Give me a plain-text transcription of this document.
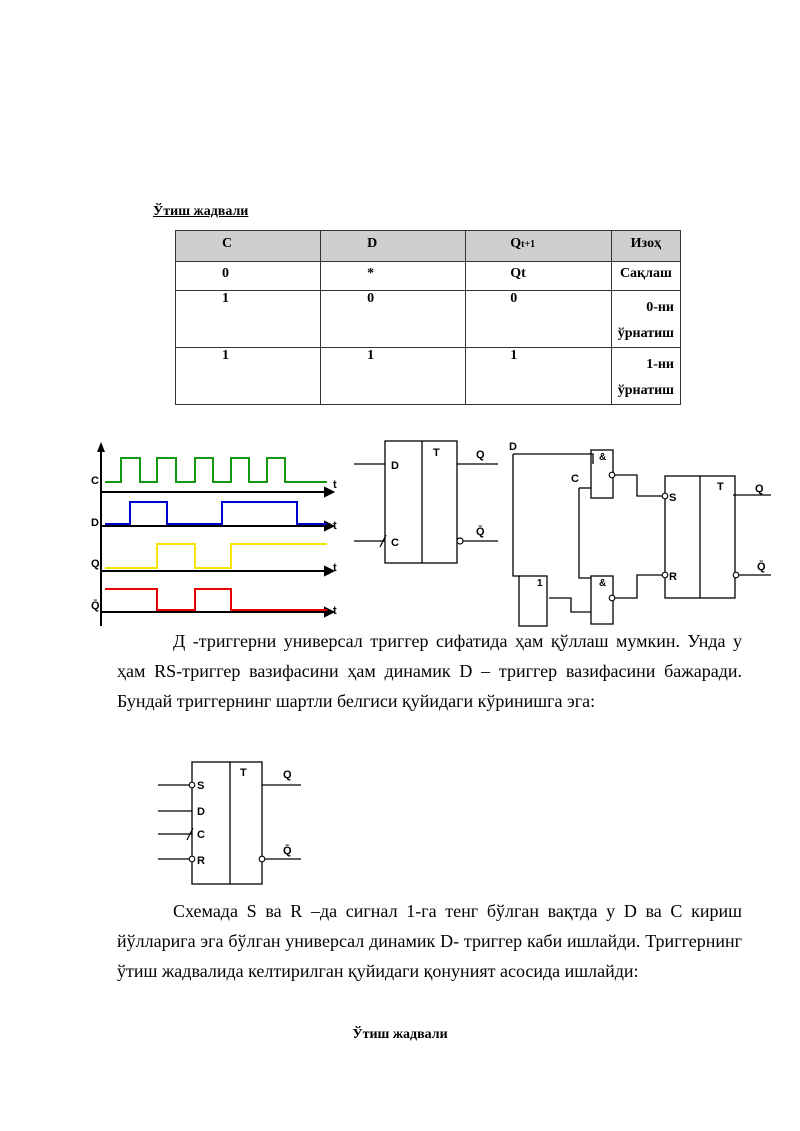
Ўтиш жадвали
C	D	Qt+1	Изоҳ
0	*	Qt	Сақлаш
1	0	0	0-ни
ўрнатиш

1	1	1	1-ни
ўрнатиш
C
D
Q
Q̄
t
t
t
t
D
C
T	Q
Q̄
D
C
&
&
1
S
R
T	Q
Q̄

Д -триггерни универсал триггер сифатида ҳам қўллаш мумкин. Унда у ҳам RS-триггер вазифасини ҳам динамик D – триггер вазифасини бажаради. Бундай триггернинг шартли белгиси қуйидаги кўринишга эга:

S
D
C
R
T	Q
Q̄

Схемада S ва R –да сигнал 1-га тенг бўлган вақтда у D ва С кириш йўлларига эга бўлган универсал динамик D- триггер каби ишлайди. Триггернинг ўтиш жадвалида келтирилган қуйидаги қонуният асосида ишлайди:

Ўтиш жадвали
